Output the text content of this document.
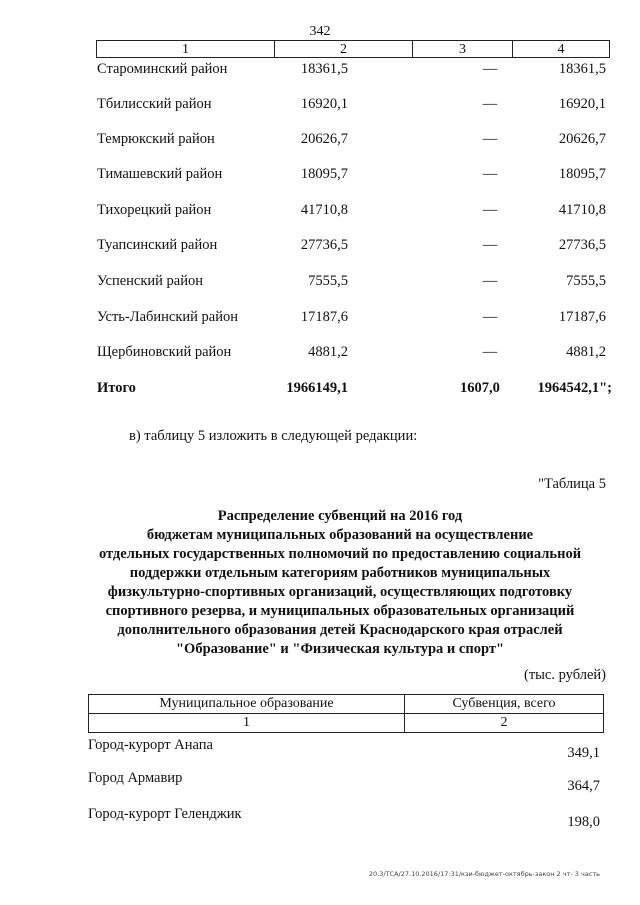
342
1	2	3	4
Староминский район	18361,5	—	18361,5
Тбилисский район	16920,1	—	16920,1
Темрюкский район	20626,7	—	20626,7
Тимашевский район	18095,7	—	18095,7
Тихорецкий район	41710,8	—	41710,8
Туапсинский район	27736,5	—	27736,5
Успенский район	7555,5	—	7555,5
Усть-Лабинский район	17187,6	—	17187,6
Щербиновский район	4881,2	—	4881,2
Итого	1966149,1	1607,0	1964542,1";
в) таблицу 5 изложить в следующей редакции:
"Таблица 5
Распределение субвенций на 2016 год
бюджетам муниципальных образований на осуществление
отдельных государственных полномочий по предоставлению социальной
поддержки отдельным категориям работников муниципальных
физкультурно-спортивных организаций, осуществляющих подготовку
спортивного резерва, и муниципальных образовательных организаций
дополнительного образования детей Краснодарского края отраслей
"Образование" и "Физическая культура и спорт"
(тыс. рублей)
Муниципальное образование	Субвенция, всего
1	2
Город-курорт Анапа	349,1
Город Армавир	364,7
Город-курорт Геленджик	198,0
20.3/ТСА/27.10.2016/17:31/кзи-бюджет-октябрь-закон 2 чт- 3 часть
